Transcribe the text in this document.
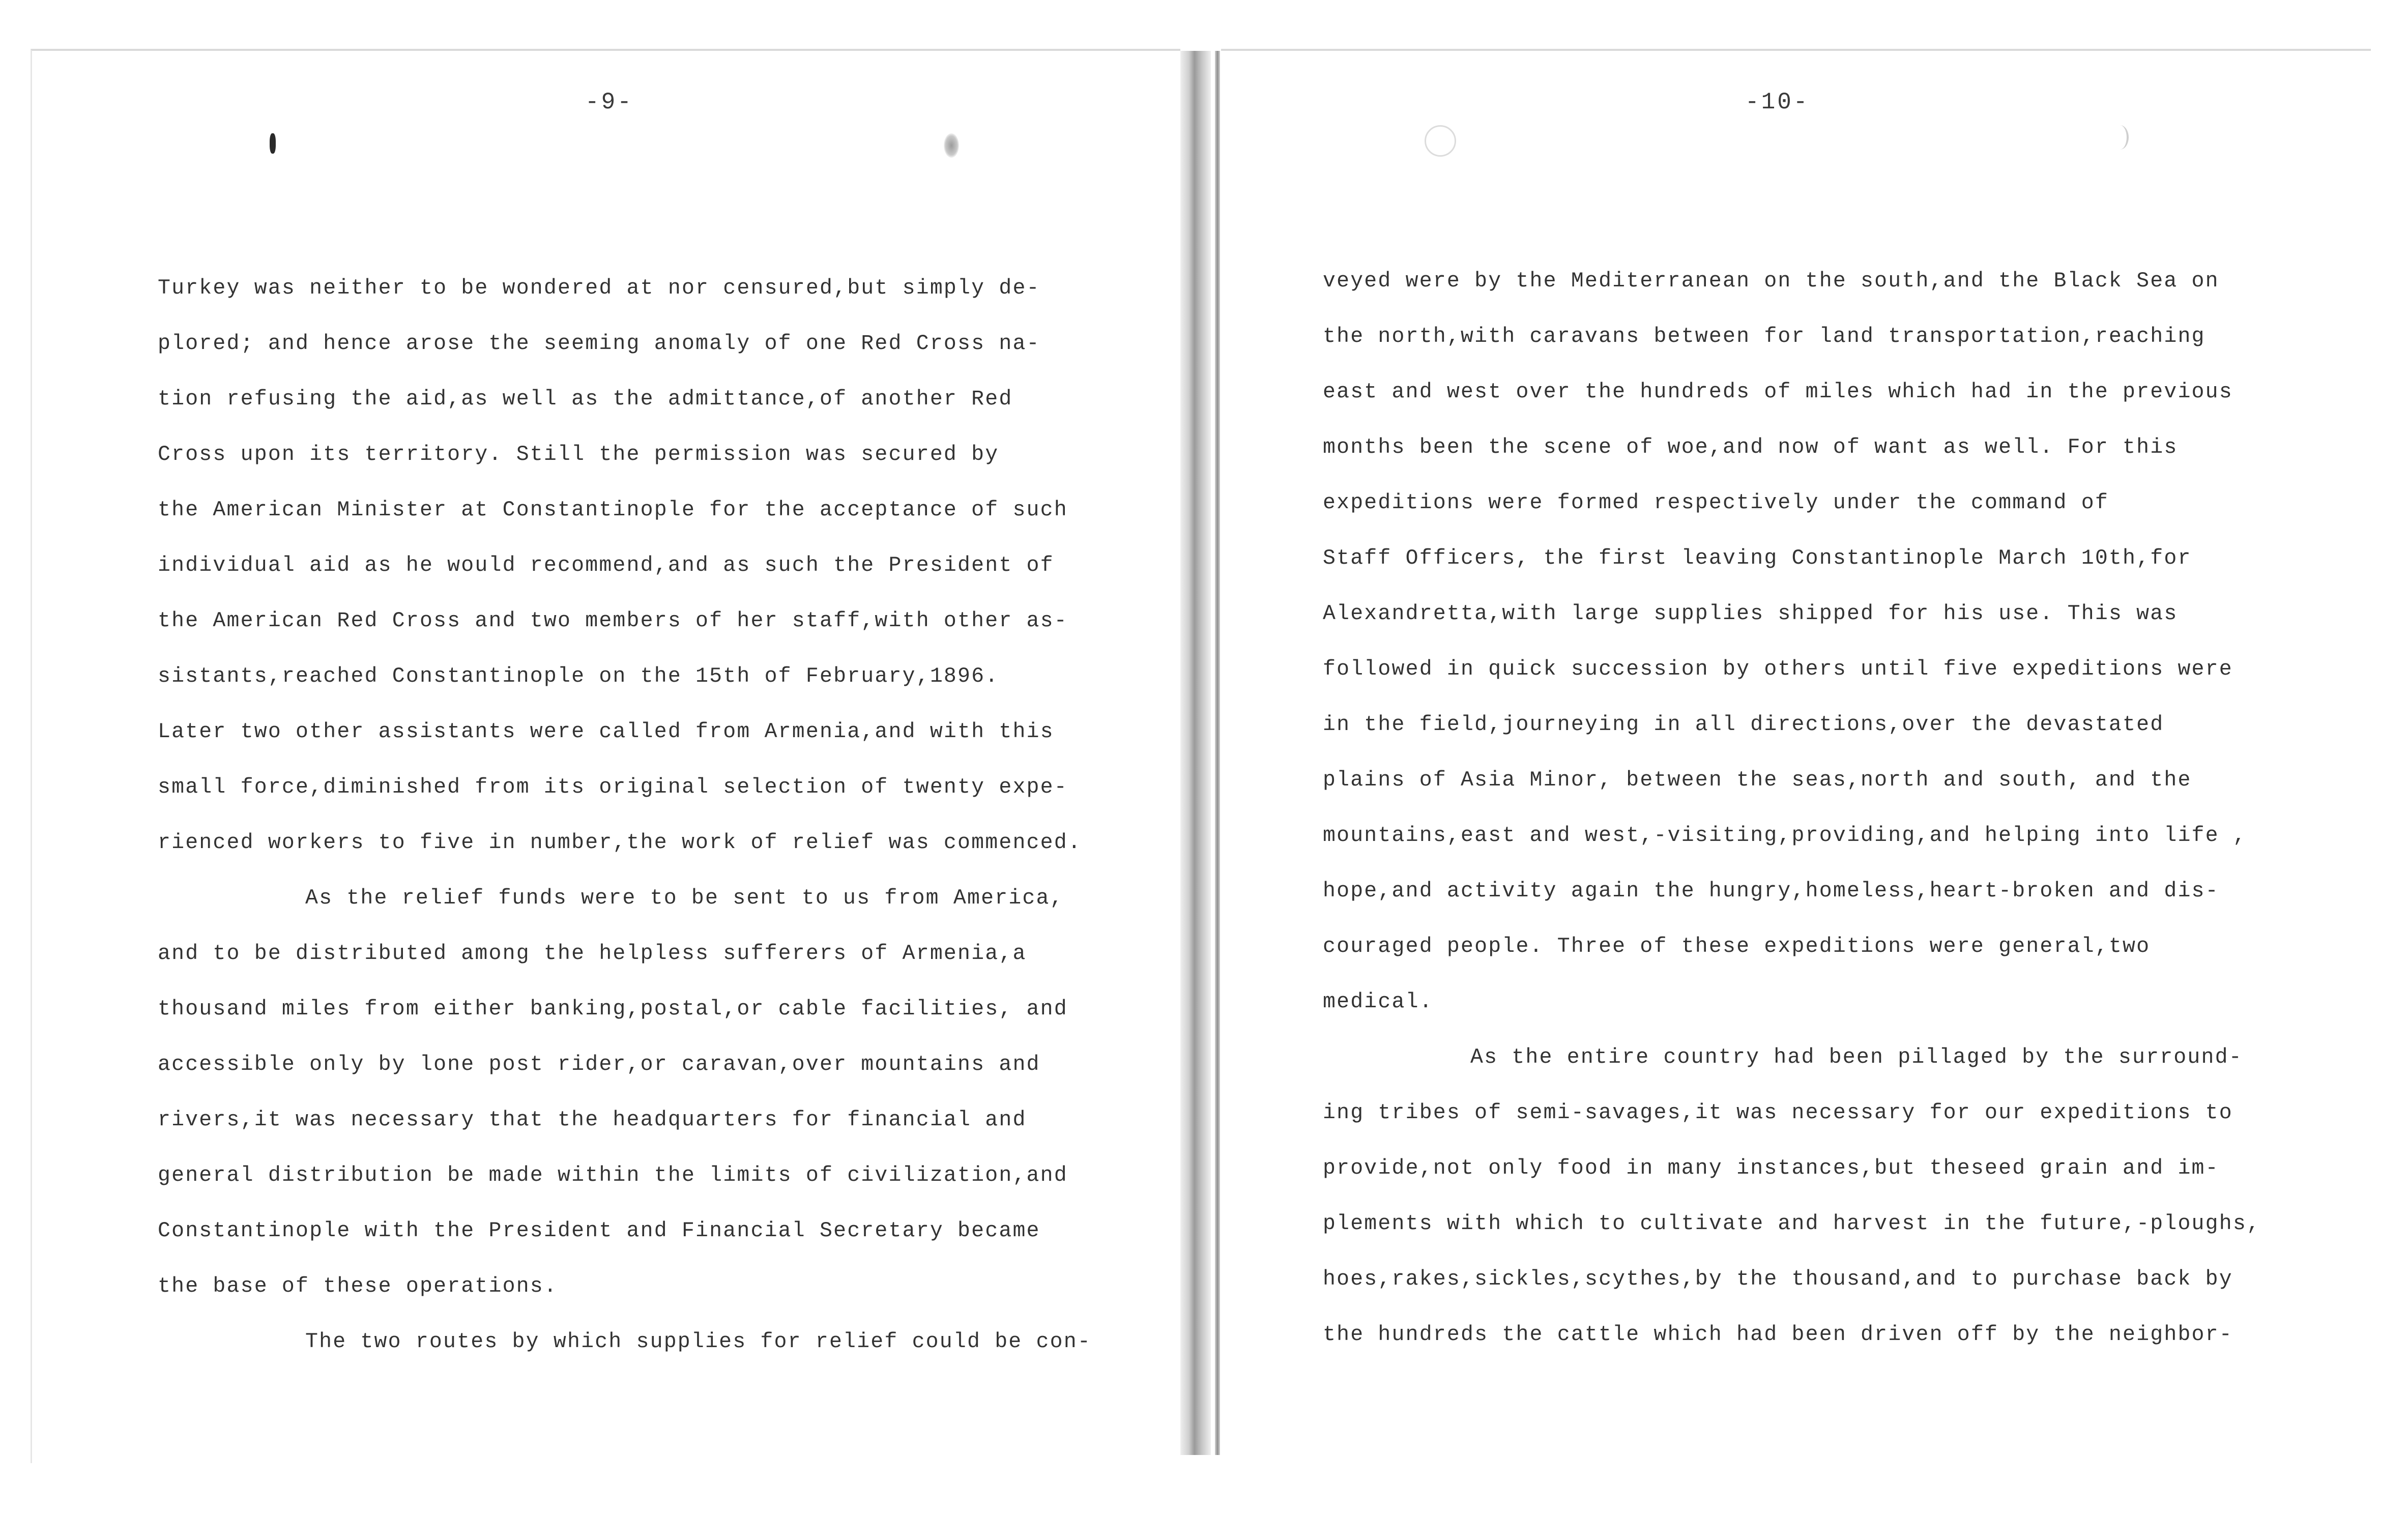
-9-	-10-
Turkey was neither to be wondered at nor censured,but simply de-
plored; and hence arose the seeming anomaly of one Red Cross na-
tion refusing the aid,as well as the admittance,of another Red
Cross upon its territory. Still the permission was secured by
the American Minister at Constantinople for the acceptance of such
individual aid as he would recommend,and as such the President of
the American Red Cross and two members of her staff,with other as-
sistants,reached Constantinople on the 15th of February,1896.
Later two other assistants were called from Armenia,and with this
small force,diminished from its original selection of twenty expe-
rienced workers to five in number,the work of relief was commenced.
As the relief funds were to be sent to us from America,
and to be distributed among the helpless sufferers of Armenia,a
thousand miles from either banking,postal,or cable facilities, and
accessible only by lone post rider,or caravan,over mountains and
rivers,it was necessary that the headquarters for financial and
general distribution be made within the limits of civilization,and
Constantinople with the President and Financial Secretary became
the base of these operations.
The two routes by which supplies for relief could be con-
veyed were by the Mediterranean on the south,and the Black Sea on
the north,with caravans between for land transportation,reaching
east and west over the hundreds of miles which had in the previous
months been the scene of woe,and now of want as well. For this
expeditions were formed respectively under the command of
Staff Officers, the first leaving Constantinople March 10th,for
Alexandretta,with large supplies shipped for his use. This was
followed in quick succession by others until five expeditions were
in the field,journeying in all directions,over the devastated
plains of Asia Minor, between the seas,north and south, and the
mountains,east and west,-visiting,providing,and helping into life ,
hope,and activity again the hungry,homeless,heart-broken and dis-
couraged people. Three of these expeditions were general,two
medical.
As the entire country had been pillaged by the surround-
ing tribes of semi-savages,it was necessary for our expeditions to
provide,not only food in many instances,but theseed grain and im-
plements with which to cultivate and harvest in the future,-ploughs,
hoes,rakes,sickles,scythes,by the thousand,and to purchase back by
the hundreds the cattle which had been driven off by the neighbor-
